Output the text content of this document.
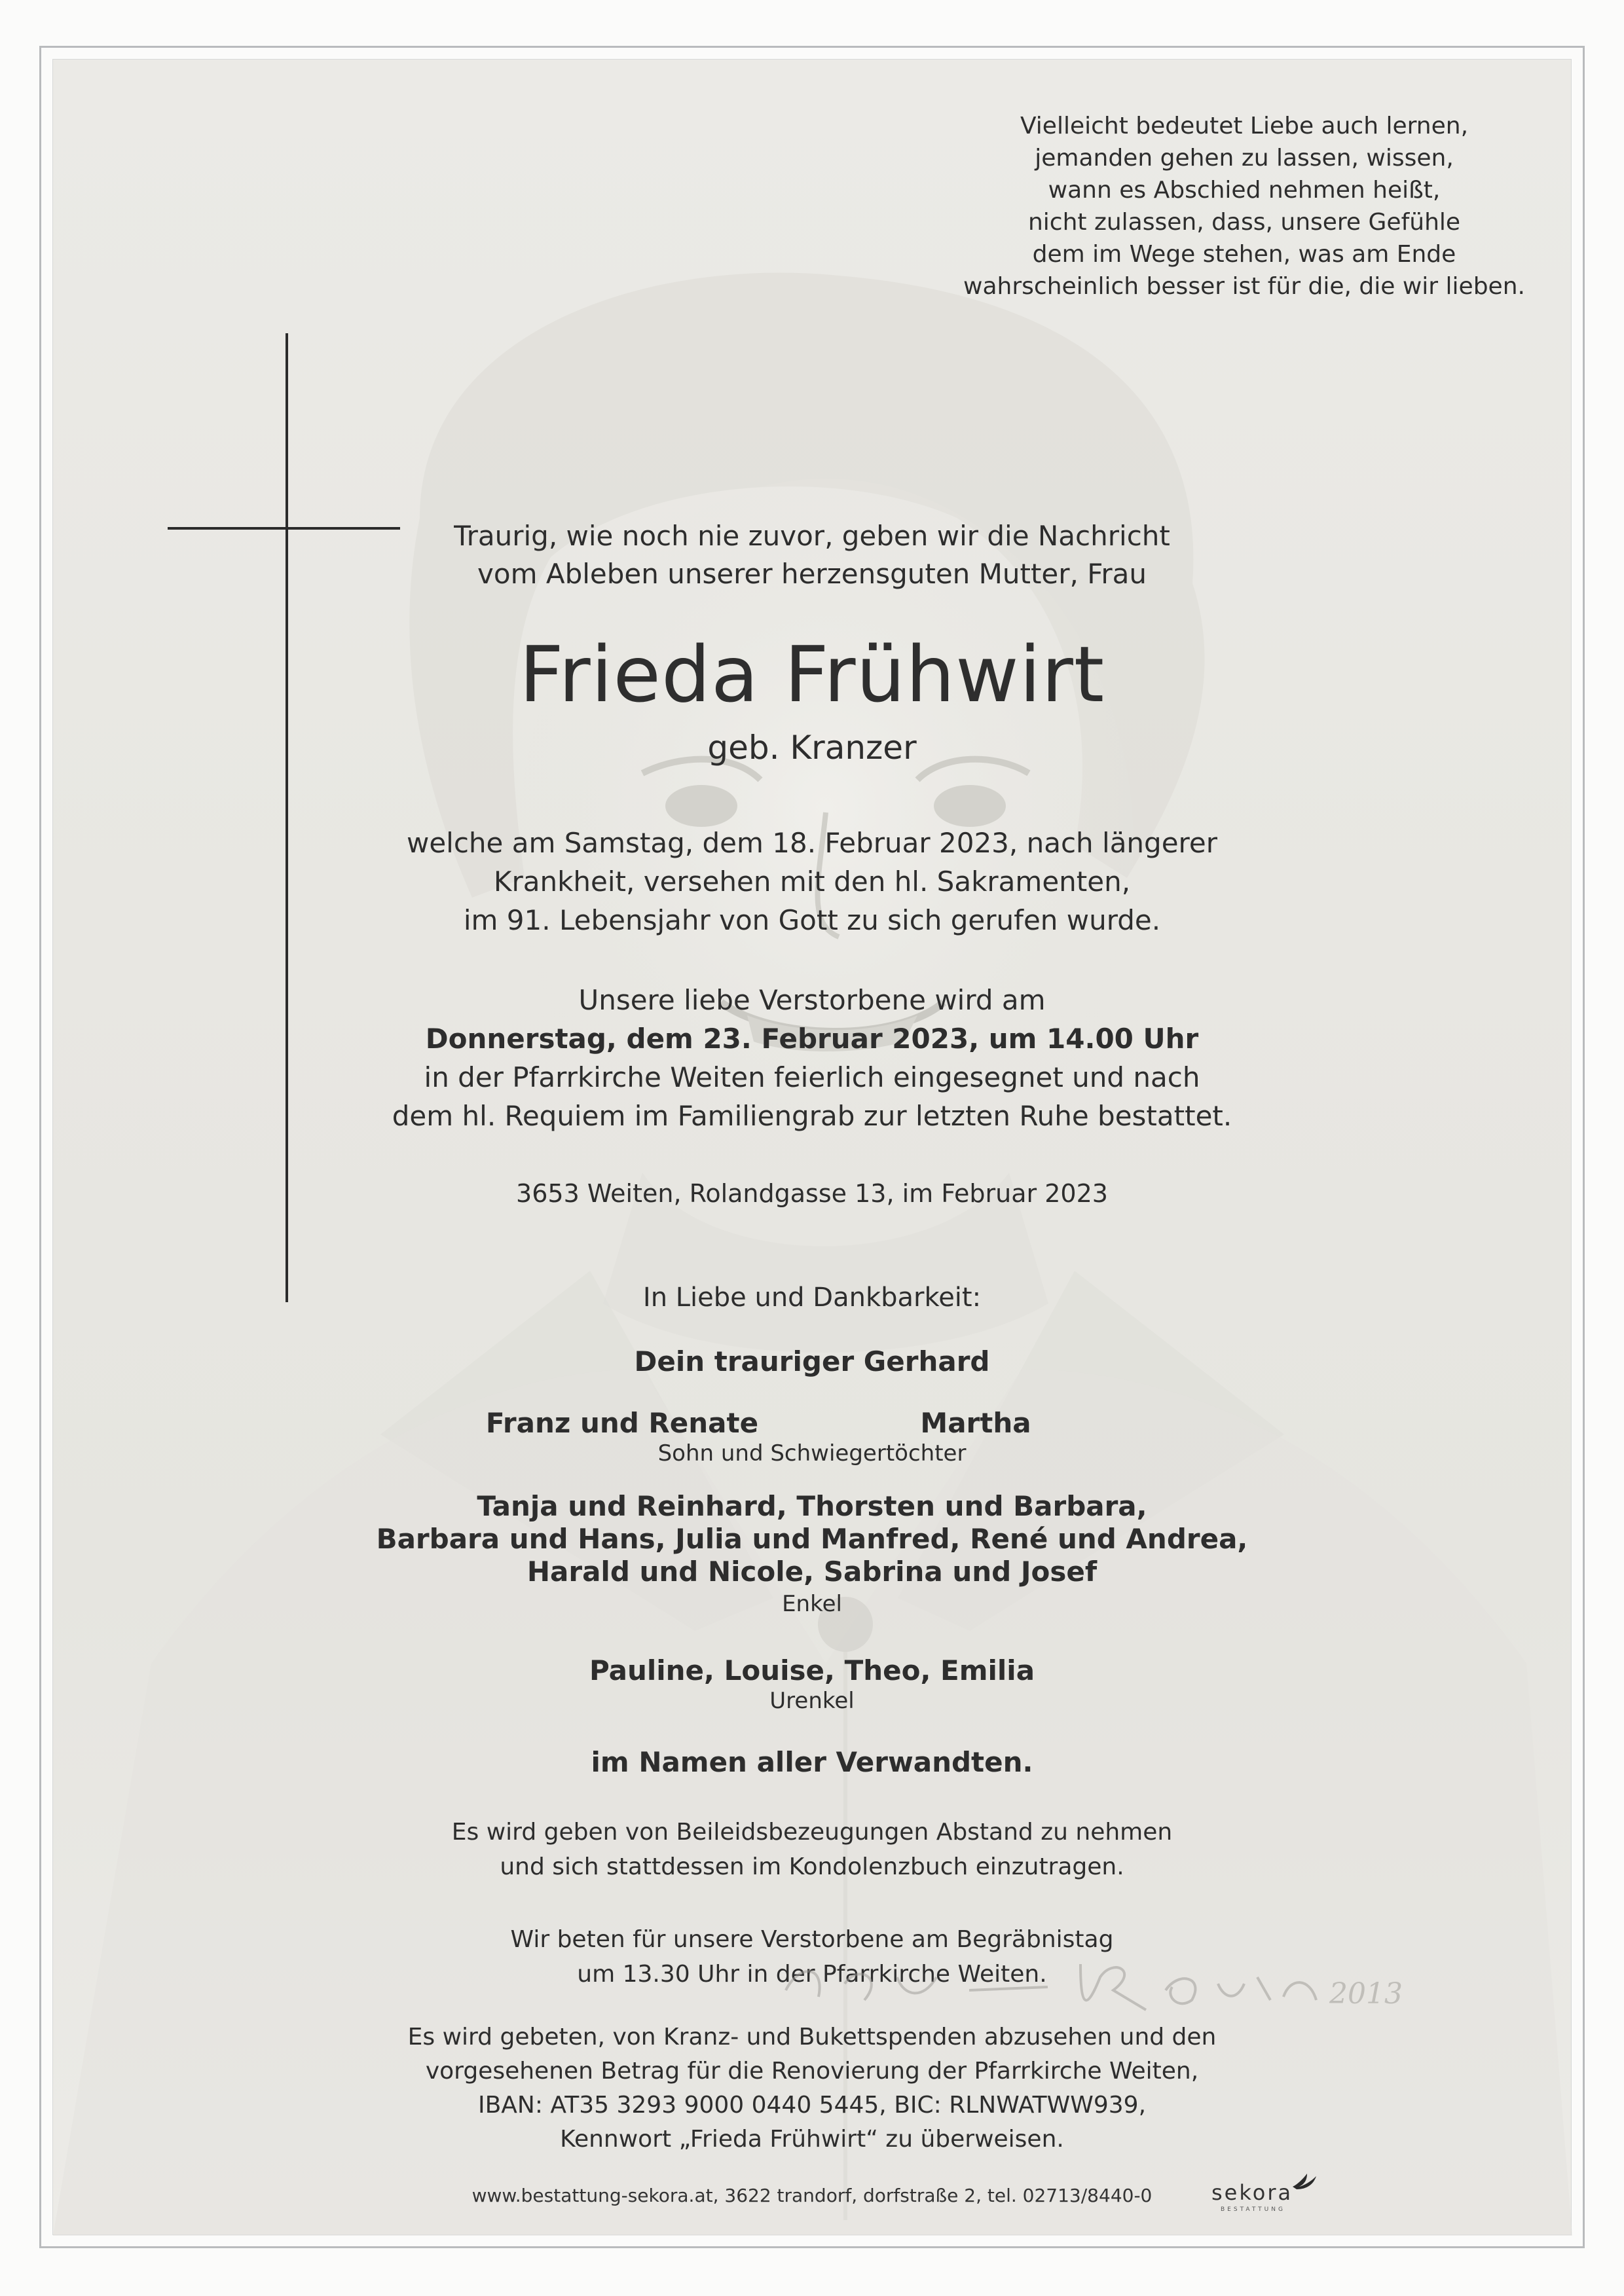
Vielleicht bedeutet Liebe auch lernen,
jemanden gehen zu lassen, wissen,
wann es Abschied nehmen heißt,
nicht zulassen, dass, unsere Gefühle
dem im Wege stehen, was am Ende
wahrscheinlich besser ist für die, die wir lieben.
Traurig, wie noch nie zuvor, geben wir die Nachricht
vom Ableben unserer herzensguten Mutter, Frau
Frieda Frühwirt
geb. Kranzer
welche am Samstag, dem 18. Februar 2023, nach längerer
Krankheit, versehen mit den hl. Sakramenten,
im 91. Lebensjahr von Gott zu sich gerufen wurde.
Unsere liebe Verstorbene wird am
Donnerstag, dem 23. Februar 2023, um 14.00 Uhr
in der Pfarrkirche Weiten feierlich eingesegnet und nach
dem hl. Requiem im Familiengrab zur letzten Ruhe bestattet.
3653 Weiten, Rolandgasse 13, im Februar 2023
In Liebe und Dankbarkeit:
Dein trauriger Gerhard
Franz und Renate	Martha
Sohn und Schwiegertöchter
Tanja und Reinhard, Thorsten und Barbara,
Barbara und Hans, Julia und Manfred, René und Andrea,
Harald und Nicole, Sabrina und Josef
Enkel
Pauline, Louise, Theo, Emilia
Urenkel
im Namen aller Verwandten.
Es wird geben von Beileidsbezeugungen Abstand zu nehmen
und sich stattdessen im Kondolenzbuch einzutragen.
Wir beten für unsere Verstorbene am Begräbnistag
um 13.30 Uhr in der Pfarrkirche Weiten.
2013
Es wird gebeten, von Kranz- und Bukettspenden abzusehen und den
vorgesehenen Betrag für die Renovierung der Pfarrkirche Weiten,
IBAN: AT35 3293 9000 0440 5445, BIC: RLNWATWW939,
Kennwort „Frieda Frühwirt“ zu überweisen.
www.bestattung-sekora.at, 3622 trandorf, dorfstraße 2, tel. 02713/8440-0	sekora
BESTATTUNG
